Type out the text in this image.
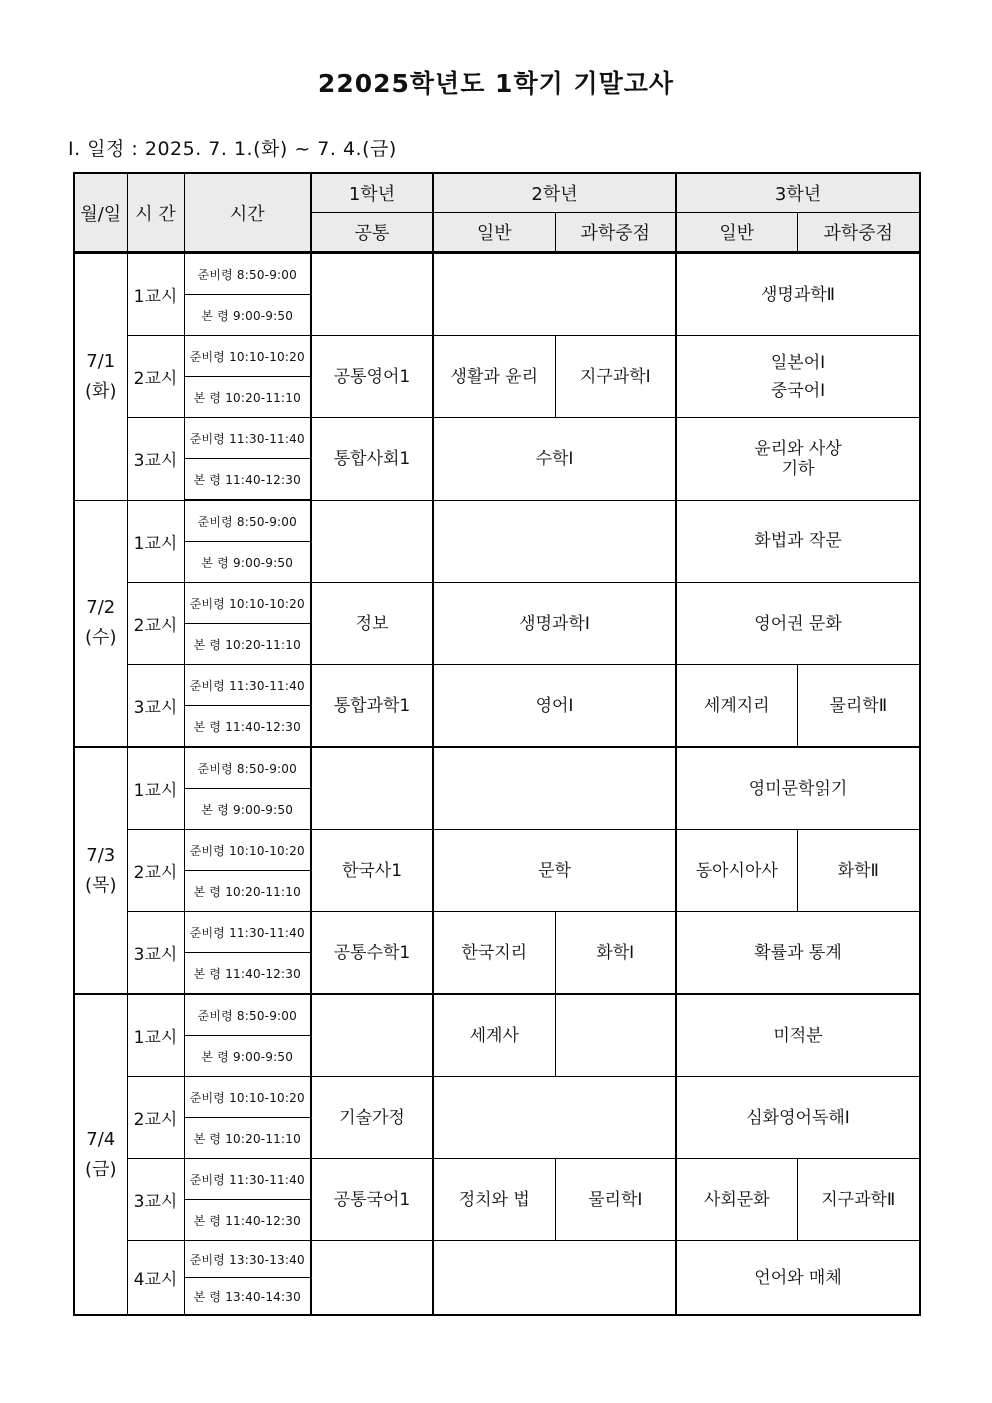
22025학년도 1학기 기말고사
Ⅰ. 일정 : 2025. 7. 1.(화) ~ 7. 4.(금)
월/일	시 간	시간	1학년	2학년		3학년	
			공통	일반	과학중점	일반	과학중점
7/1
(화)	1교시	준비령 8:50-9:00				생명과학Ⅱ	
		본 령 9:00-9:50					
	2교시	준비령 10:10-10:20	공통영어1	생활과 윤리	지구과학Ⅰ	일본어Ⅰ
중국어Ⅰ	
		본 령 10:20-11:10					
	3교시	준비령 11:30-11:40	통합사회1	수학Ⅰ		윤리와 사상
기하	
		본 령 11:40-12:30					
7/2
(수)	1교시	준비령 8:50-9:00				화법과 작문	
		본 령 9:00-9:50					
	2교시	준비령 10:10-10:20	정보	생명과학Ⅰ		영어권 문화	
		본 령 10:20-11:10					
	3교시	준비령 11:30-11:40	통합과학1	영어Ⅰ		세계지리	물리학Ⅱ
		본 령 11:40-12:30					
7/3
(목)	1교시	준비령 8:50-9:00				영미문학읽기	
		본 령 9:00-9:50					
	2교시	준비령 10:10-10:20	한국사1	문학		동아시아사	화학Ⅱ
		본 령 10:20-11:10					
	3교시	준비령 11:30-11:40	공통수학1	한국지리	화학Ⅰ	확률과 통계	
		본 령 11:40-12:30					
7/4
(금)	1교시	준비령 8:50-9:00		세계사		미적분	
		본 령 9:00-9:50					
	2교시	준비령 10:10-10:20	기술가정			심화영어독해Ⅰ	
		본 령 10:20-11:10					
	3교시	준비령 11:30-11:40	공통국어1	정치와 법	물리학Ⅰ	사회문화	지구과학Ⅱ
		본 령 11:40-12:30					
	4교시	준비령 13:30-13:40				언어와 매체	
		본 령 13:40-14:30					
